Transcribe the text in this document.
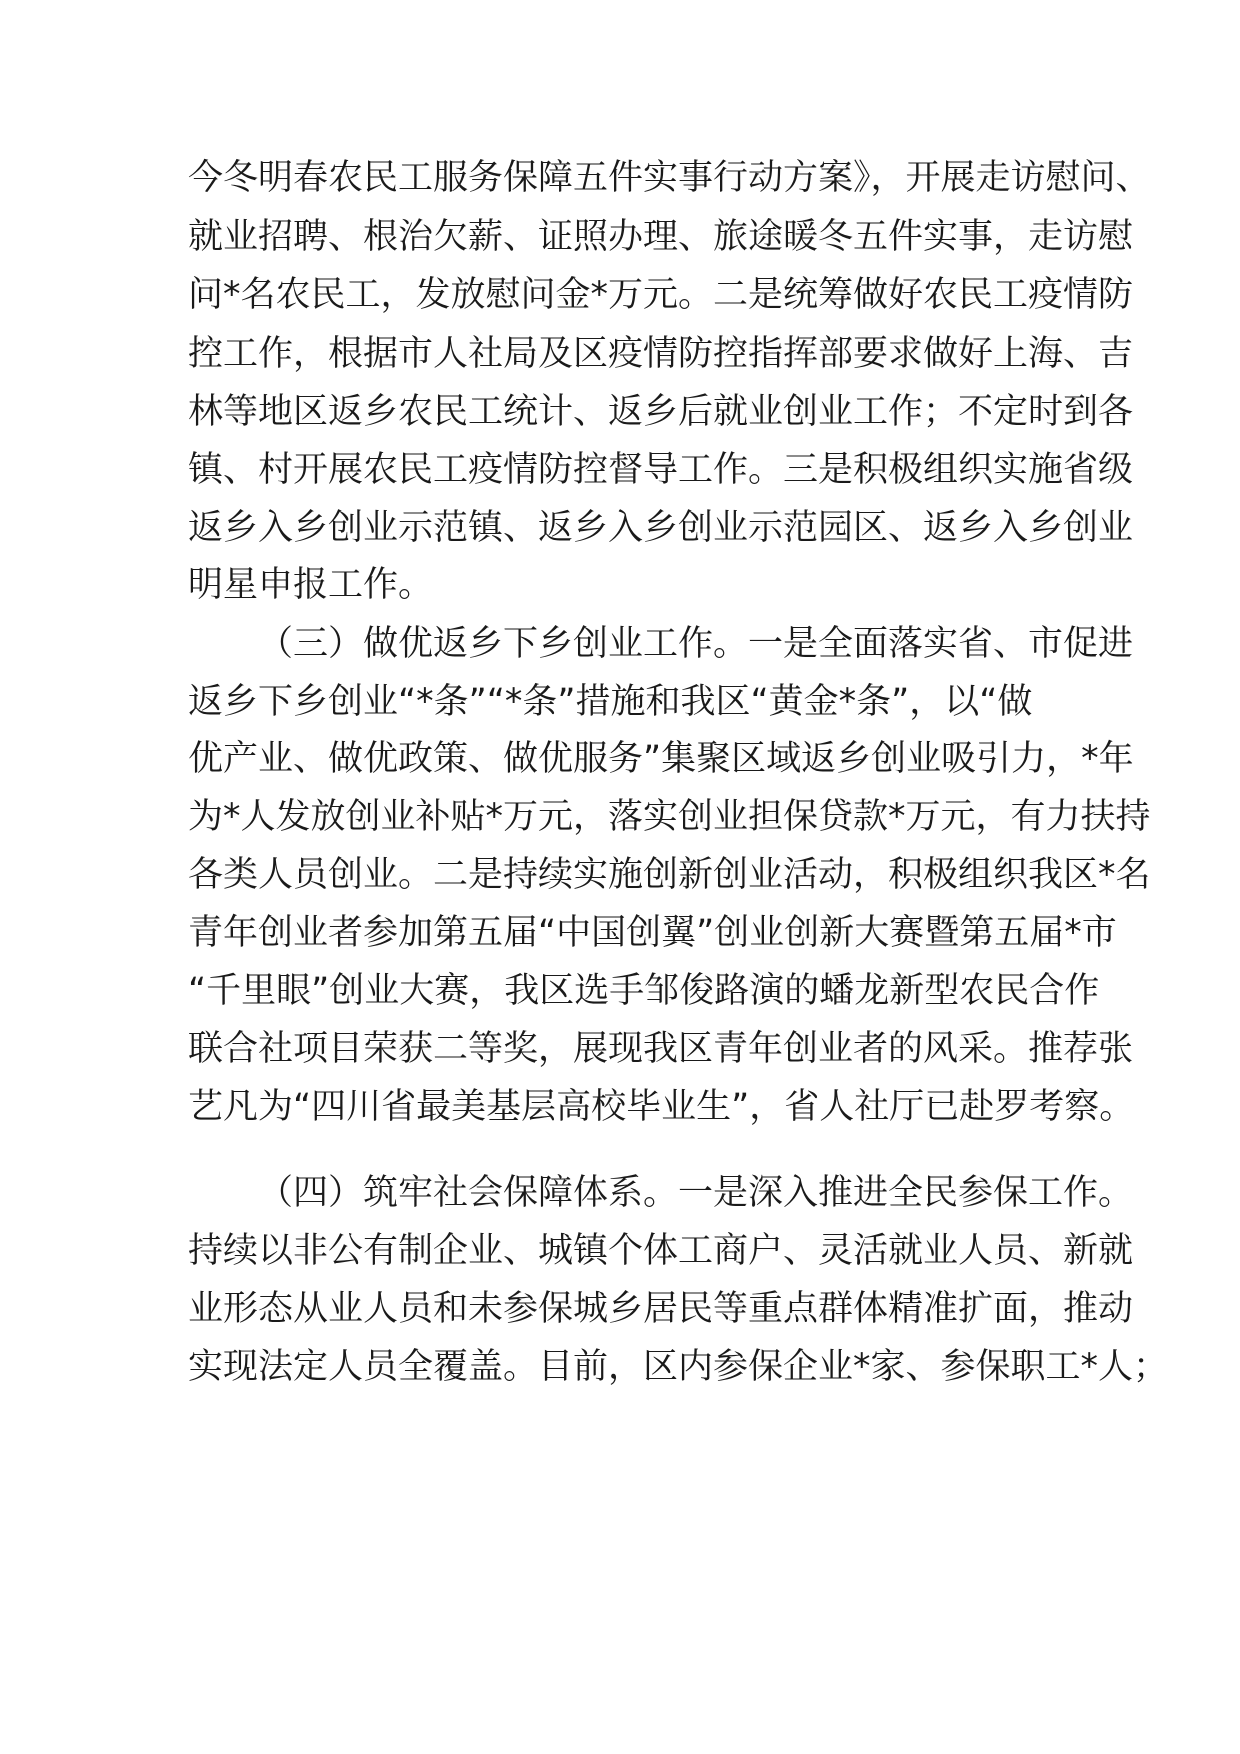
今冬明春农民工服务保障五件实事行动方案》，开展走访慰问、
就业招聘、根治欠薪、证照办理、旅途暖冬五件实事，走访慰
问*名农民工，发放慰问金*万元。二是统筹做好农民工疫情防
控工作，根据市人社局及区疫情防控指挥部要求做好上海、吉
林等地区返乡农民工统计、返乡后就业创业工作；不定时到各
镇、村开展农民工疫情防控督导工作。三是积极组织实施省级
返乡入乡创业示范镇、返乡入乡创业示范园区、返乡入乡创业
明星申报工作。
（三）做优返乡下乡创业工作。一是全面落实省、市促进
返乡下乡创业“*条”“*条”措施和我区“黄金*条”，以“做
优产业、做优政策、做优服务”集聚区域返乡创业吸引力，*年
为*人发放创业补贴*万元，落实创业担保贷款*万元，有力扶持
各类人员创业。二是持续实施创新创业活动，积极组织我区*名
青年创业者参加第五届“中国创翼”创业创新大赛暨第五届*市
“千里眼”创业大赛，我区选手邹俊路演的蟠龙新型农民合作
联合社项目荣获二等奖，展现我区青年创业者的风采。推荐张
艺凡为“四川省最美基层高校毕业生”，省人社厅已赴罗考察。
（四）筑牢社会保障体系。一是深入推进全民参保工作。
持续以非公有制企业、城镇个体工商户、灵活就业人员、新就
业形态从业人员和未参保城乡居民等重点群体精准扩面，推动
实现法定人员全覆盖。目前，区内参保企业*家、参保职工*人；
